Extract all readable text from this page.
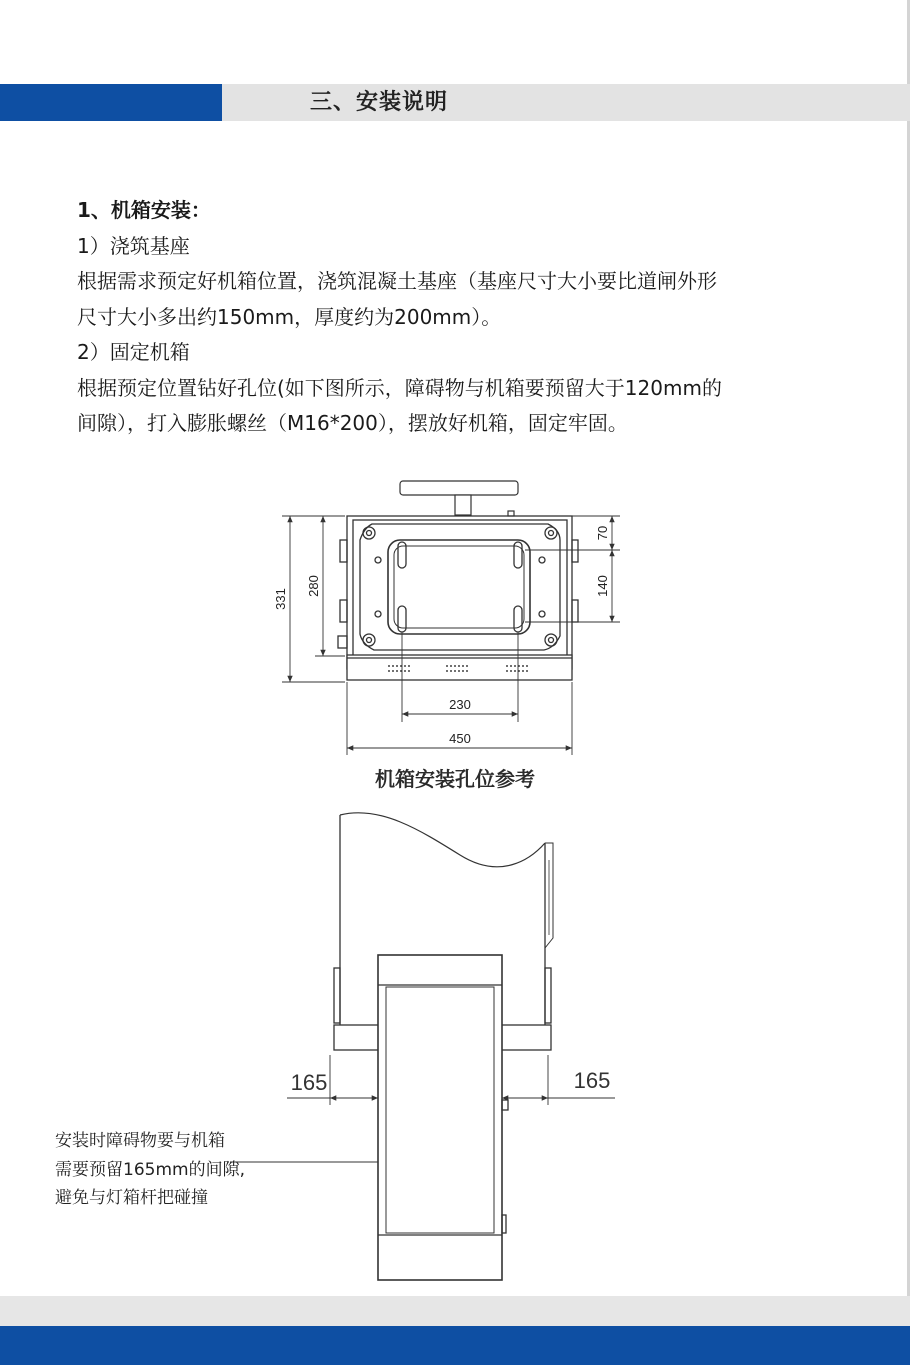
三、安装说明
1、机箱安装：
1）浇筑基座
根据需求预定好机箱位置，浇筑混凝土基座（基座尺寸大小要比道闸外形
尺寸大小多出约150mm，厚度约为200mm）。
2）固定机箱
根据预定位置钻好孔位(如下图所示，障碍物与机箱要预留大于120mm的
间隙），打入膨胀螺丝（M16*200），摆放好机箱，固定牢固。
331
280
70
140
230
450
165	165
机箱安装孔位参考
安装时障碍物要与机箱
需要预留165mm的间隙,
避免与灯箱杆把碰撞
